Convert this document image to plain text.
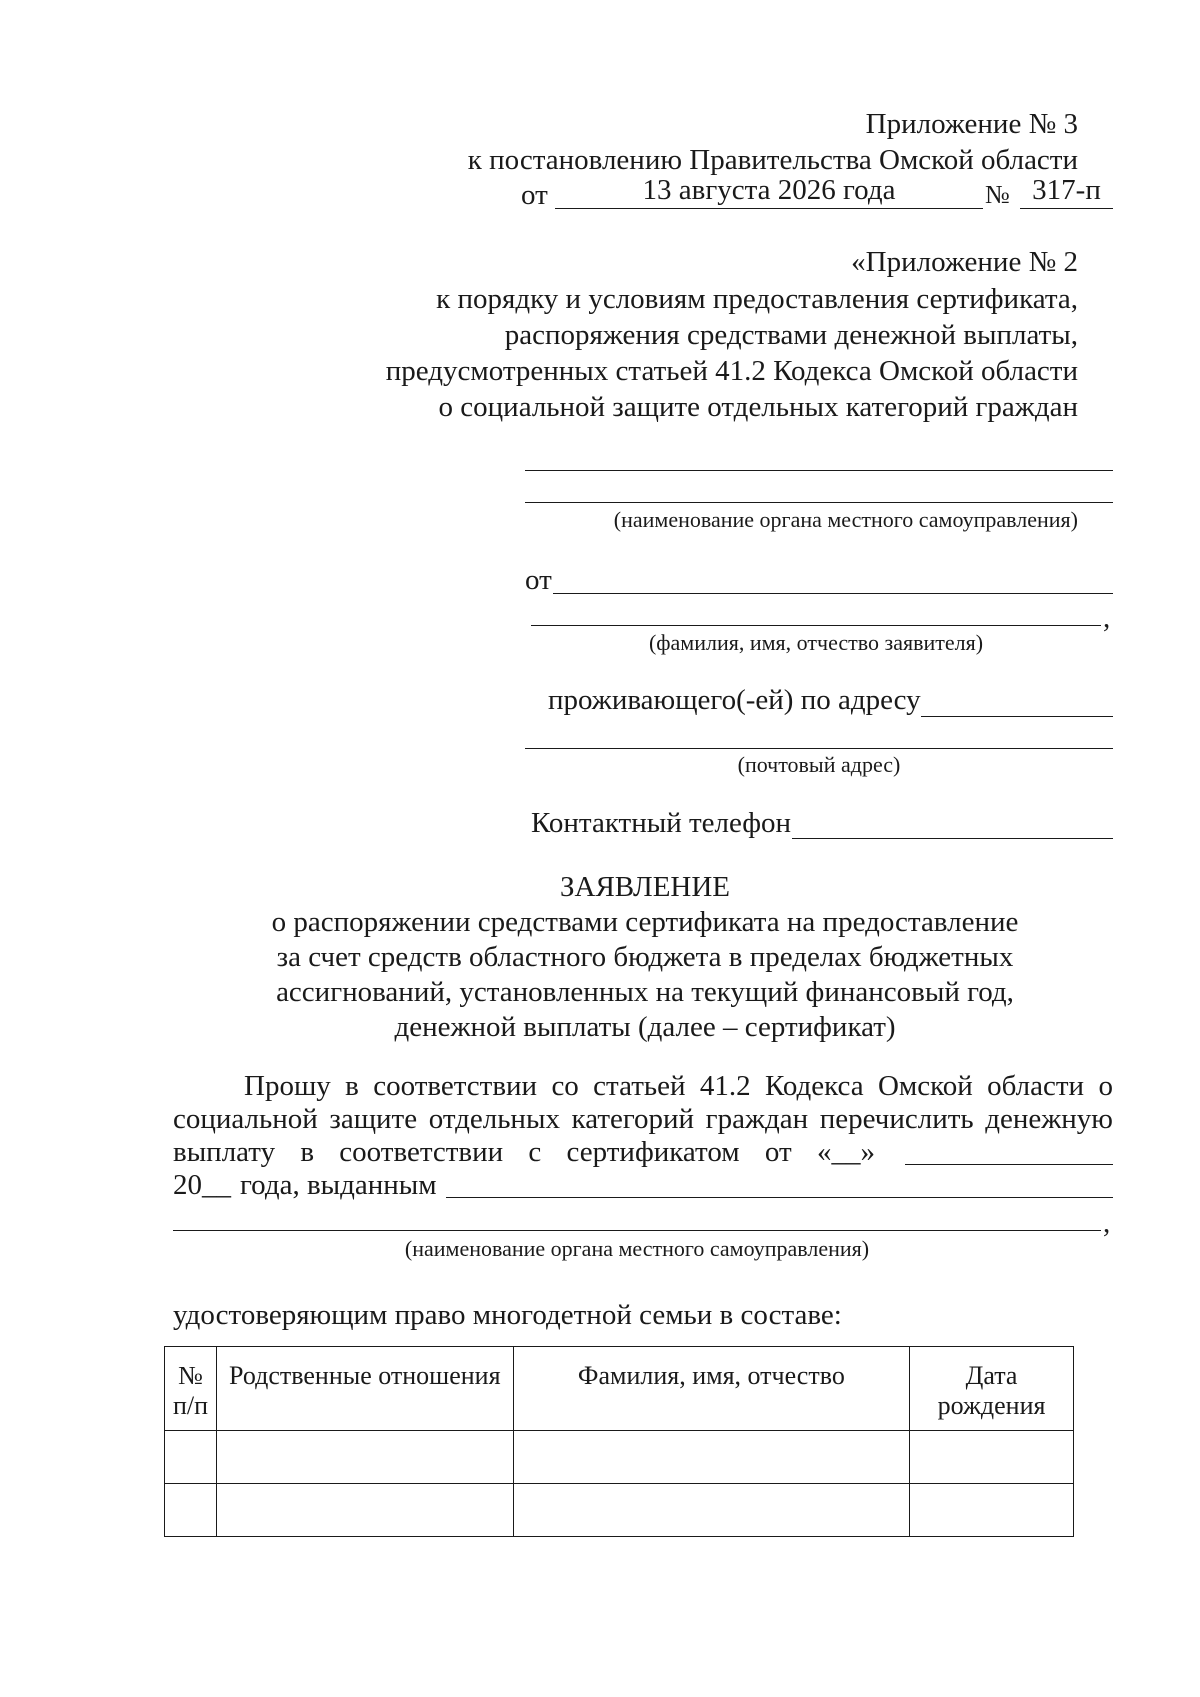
Приложение № 3
к постановлению Правительства Омской области
от	13 августа 2026 года	№ 317-п
«Приложение № 2
к порядку и условиям предоставления сертификата,
распоряжения средствами денежной выплаты,
предусмотренных статьей 41.2 Кодекса Омской области
о социальной защите отдельных категорий граждан
(наименование органа местного самоуправления)
от
,
(фамилия, имя, отчество заявителя)
проживающего(-ей) по адресу
(почтовый адрес)
Контактный телефон
ЗАЯВЛЕНИЕ
о распоряжении средствами сертификата на предоставление
за счет средств областного бюджета в пределах бюджетных
ассигнований, установленных на текущий финансовый год,
денежной выплаты (далее – сертификат)
Прошу в соответствии со статьей 41.2 Кодекса Омской области о
социальной защите отдельных категорий граждан перечислить денежную
выплату в соответствии с сертификатом от «__»
20__ года, выданным
,
(наименование органа местного самоуправления)
удостоверяющим право многодетной семьи в составе:
№ п/п	Родственные отношения	Фамилия, имя, отчество	Дата рождения
